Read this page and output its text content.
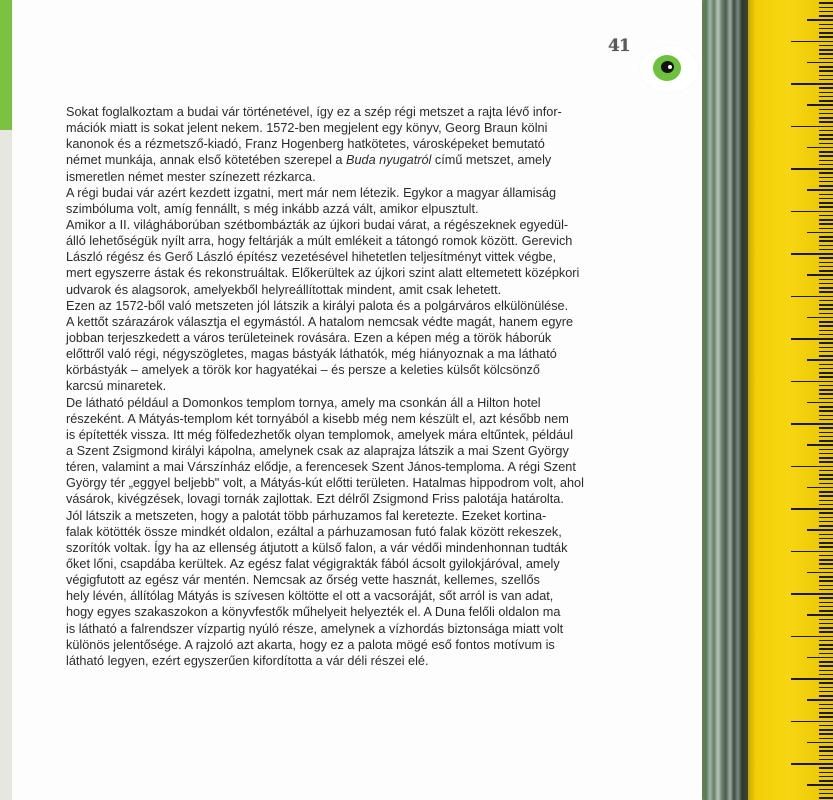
41
Sokat foglalkoztam a budai vár történetével, így ez a szép régi metszet a rajta lévő infor-
mációk miatt is sokat jelent nekem. 1572-ben megjelent egy könyv, Georg Braun kölni
kanonok és a rézmetsző-kiadó, Franz Hogenberg hatkötetes, városképeket bemutató
német munkája, annak első kötetében szerepel a Buda nyugatról című metszet, amely
ismeretlen német mester színezett rézkarca.
A régi budai vár azért kezdett izgatni, mert már nem létezik. Egykor a magyar államiság
szimbóluma volt, amíg fennállt, s még inkább azzá vált, amikor elpusztult.
Amikor a II. világháborúban szétbombázták az újkori budai várat, a régészeknek egyedül-
álló lehetőségük nyílt arra, hogy feltárják a múlt emlékeit a tátongó romok között. Gerevich
László régész és Gerő László építész vezetésével hihetetlen teljesítményt vittek végbe,
mert egyszerre ástak és rekonstruáltak. Előkerültek az újkori szint alatt eltemetett középkori
udvarok és alagsorok, amelyekből helyreállítottak mindent, amit csak lehetett.
Ezen az 1572-ből való metszeten jól látszik a királyi palota és a polgárváros elkülönülése.
A kettőt szárazárok választja el egymástól. A hatalom nemcsak védte magát, hanem egyre
jobban terjeszkedett a város területeinek rovására. Ezen a képen még a török háborúk
előttről való régi, négyszögletes, magas bástyák láthatók, még hiányoznak a ma látható
körbástyák – amelyek a török kor hagyatékai – és persze a keleties külsőt kölcsönző
karcsú minaretek.
De látható például a Domonkos templom tornya, amely ma csonkán áll a Hilton hotel
részeként. A Mátyás-templom két tornyából a kisebb még nem készült el, azt később nem
is építették vissza. Itt még fölfedezhetők olyan templomok, amelyek mára eltűntek, például
a Szent Zsigmond királyi kápolna, amelynek csak az alaprajza látszik a mai Szent György
téren, valamint a mai Várszínház elődje, a ferencesek Szent János-temploma. A régi Szent
György tér „eggyel beljebb" volt, a Mátyás-kút előtti területen. Hatalmas hippodrom volt, ahol
vásárok, kivégzések, lovagi tornák zajlottak. Ezt délről Zsigmond Friss palotája határolta.
Jól látszik a metszeten, hogy a palotát több párhuzamos fal keretezte. Ezeket kortina-
falak kötötték össze mindkét oldalon, ezáltal a párhuzamosan futó falak között rekeszek,
szorítók voltak. Így ha az ellenség átjutott a külső falon, a vár védői mindenhonnan tudták
őket lőni, csapdába kerültek. Az egész falat végigrakták fából ácsolt gyilokjáróval, amely
végigfutott az egész vár mentén. Nemcsak az őrség vette hasznát, kellemes, szellős
hely lévén, állítólag Mátyás is szívesen költötte el ott a vacsoráját, sőt arról is van adat,
hogy egyes szakaszokon a könyvfestők műhelyeit helyezték el. A Duna felőli oldalon ma
is látható a falrendszer vízpartig nyúló része, amelynek a vízhordás biztonsága miatt volt
különös jelentősége. A rajzoló azt akarta, hogy ez a palota mögé eső fontos motívum is
látható legyen, ezért egyszerűen kifordította a vár déli részei elé.
